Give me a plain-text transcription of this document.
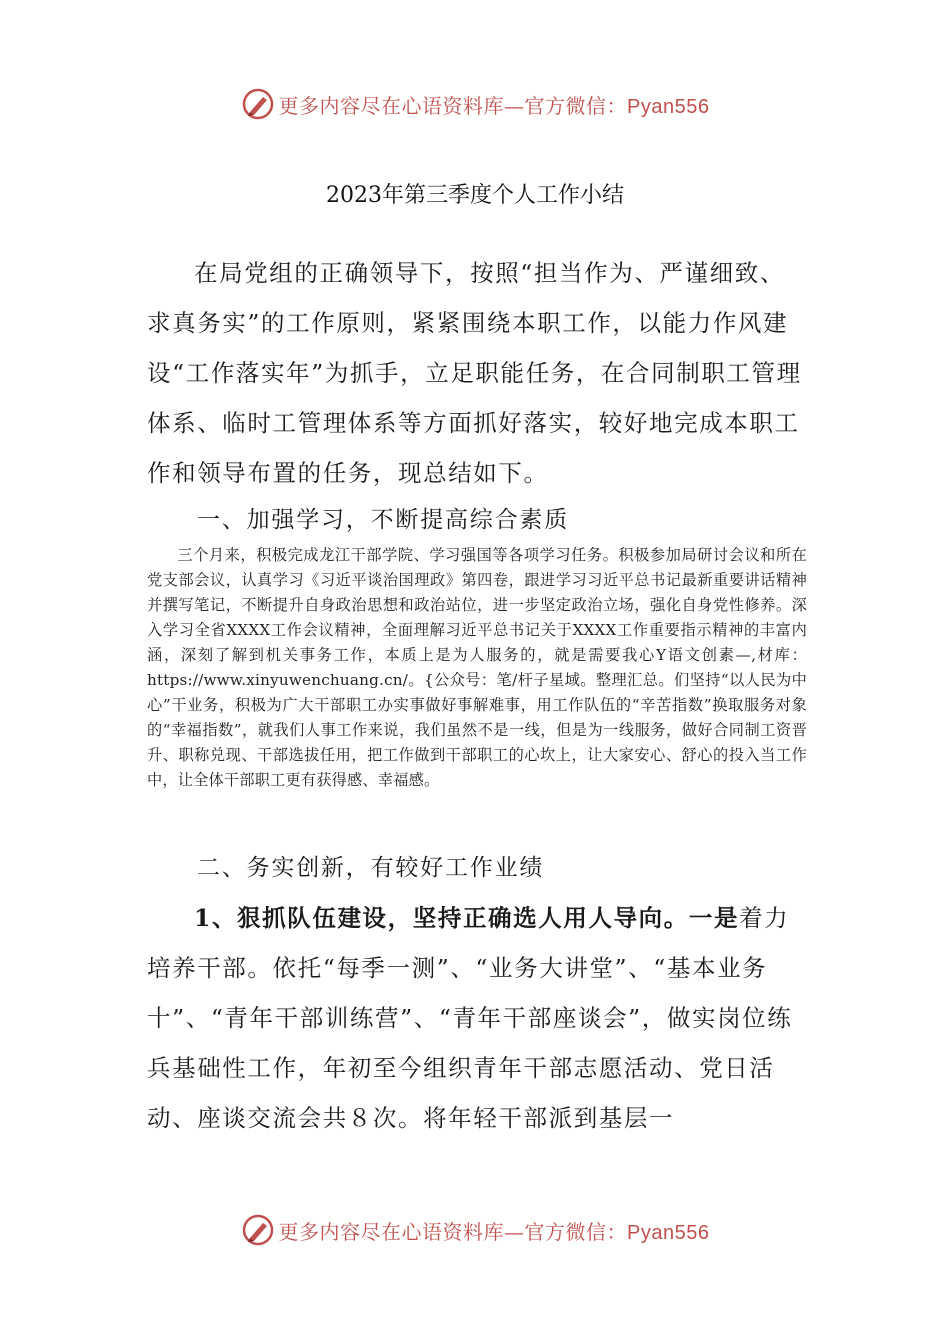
更多内容尽在心语资料库—官方微信：Pyan556
2023年第三季度个人工作小结

在局党组的正确领导下，按照“担当作为、严谨细致、求真务实”的工作原则，紧紧围绕本职工作，以能力作风建设“工作落实年”为抓手，立足职能任务，在合同制职工管理体系、临时工管理体系等方面抓好落实，较好地完成本职工作和领导布置的任务，现总结如下。

一、加强学习，不断提高综合素质

三个月来，积极完成龙江干部学院、学习强国等各项学习任务。积极参加局研讨会议和所在党支部会议，认真学习《习近平谈治国理政》第四卷，跟进学习习近平总书记最新重要讲话精神并撰写笔记，不断提升自身政治思想和政治站位，进一步坚定政治立场，强化自身党性修养。深入学习全省XXXX工作会议精神，全面理解习近平总书记关于XXXX工作重要指示精神的丰富内涵，深刻了解到机关事务工作，本质上是为人服务的，就是需要我心Y语文创素—,材库：https://www.xinyuwenchuang.cn/。{公众号：笔/杆子星域。整理汇总。们坚持“以人民为中心”干业务，积极为广大干部职工办实事做好事解难事，用工作队伍的“辛苦指数”换取服务对象的“幸福指数”，就我们人事工作来说，我们虽然不是一线，但是为一线服务，做好合同制工资晋升、职称兑现、干部选拔任用，把工作做到干部职工的心坎上，让大家安心、舒心的投入当工作中，让全体干部职工更有获得感、幸福感。

二、务实创新，有较好工作业绩

1、狠抓队伍建设，坚持正确选人用人导向。一是着力培养干部。依托“每季一测”、“业务大讲堂”、“基本业务十”、“青年干部训练营”、“青年干部座谈会”，做实岗位练兵基础性工作，年初至今组织青年干部志愿活动、党日活动、座谈交流会共８次。将年轻干部派到基层一

更多内容尽在心语资料库—官方微信：Pyan556
